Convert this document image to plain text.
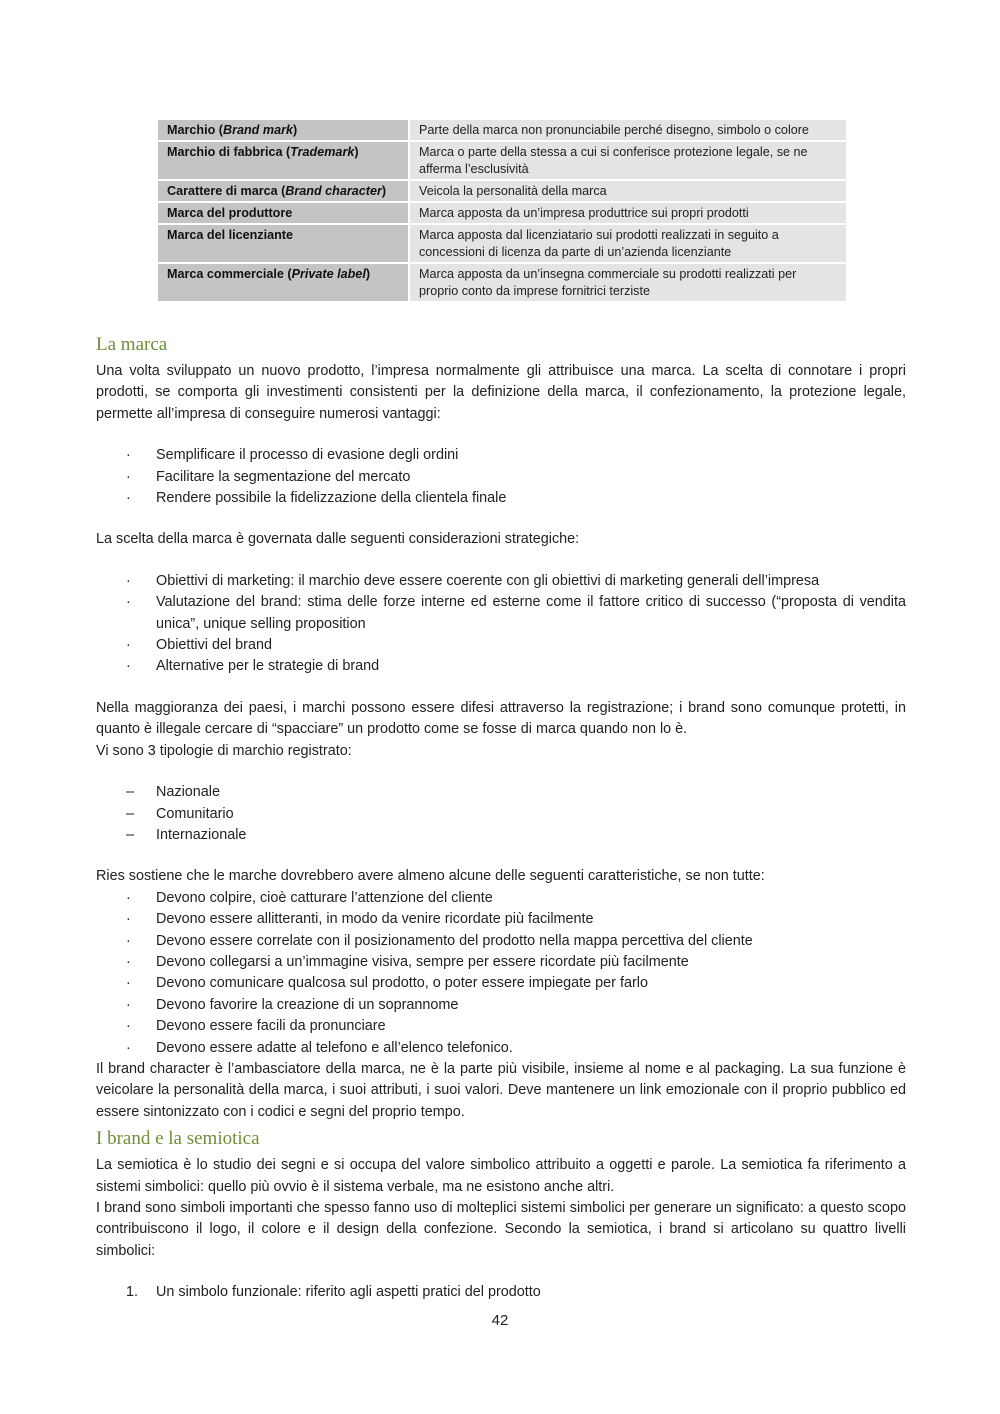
Marchio (Brand mark)	Parte della marca non pronunciabile perché disegno, simbolo o colore
Marchio di fabbrica (Trademark)	Marca o parte della stessa a cui si conferisce protezione legale, se ne afferma l’esclusività
Carattere di marca (Brand character)	Veicola la personalità della marca
Marca del produttore	Marca apposta da un’impresa produttrice sui propri prodotti
Marca del licenziante	Marca apposta dal licenziatario sui prodotti realizzati in seguito a concessioni di licenza da parte di un’azienda licenziante
Marca commerciale (Private label)	Marca apposta da un’insegna commerciale su prodotti realizzati per proprio conto da imprese fornitrici terziste
La marca

Una volta sviluppato un nuovo prodotto, l’impresa normalmente gli attribuisce una marca. La scelta di connotare i propri prodotti, se comporta gli investimenti consistenti per la definizione della marca, il confezionamento, la protezione legale, permette all’impresa di conseguire numerosi vantaggi:

·	Semplificare il processo di evasione degli ordini
·	Facilitare la segmentazione del mercato
·	Rendere possibile la fidelizzazione della clientela finale

La scelta della marca è governata dalle seguenti considerazioni strategiche:

·	Obiettivi di marketing: il marchio deve essere coerente con gli obiettivi di marketing generali dell’impresa
·	Valutazione del brand: stima delle forze interne ed esterne come il fattore critico di successo (“proposta di vendita unica”, unique selling proposition
·	Obiettivi del brand
·	Alternative per le strategie di brand

Nella maggioranza dei paesi, i marchi possono essere difesi attraverso la registrazione; i brand sono comunque protetti, in quanto è illegale cercare di “spacciare” un prodotto come se fosse di marca quando non lo è.

Vi sono 3 tipologie di marchio registrato:

–	Nazionale
–	Comunitario
–	Internazionale

Ries sostiene che le marche dovrebbero avere almeno alcune delle seguenti caratteristiche, se non tutte:

·	Devono colpire, cioè catturare l’attenzione del cliente
·	Devono essere allitteranti, in modo da venire ricordate più facilmente
·	Devono essere correlate con il posizionamento del prodotto nella mappa percettiva del cliente
·	Devono collegarsi a un’immagine visiva, sempre per essere ricordate più facilmente
·	Devono comunicare qualcosa sul prodotto, o poter essere impiegate per farlo
·	Devono favorire la creazione di un soprannome
·	Devono essere facili da pronunciare
·	Devono essere adatte al telefono e all’elenco telefonico.

Il brand character è l’ambasciatore della marca, ne è la parte più visibile, insieme al nome e al packaging. La sua funzione è veicolare la personalità della marca, i suoi attributi, i suoi valori. Deve mantenere un link emozionale con il proprio pubblico ed essere sintonizzato con i codici e segni del proprio tempo.

I brand e la semiotica

La semiotica è lo studio dei segni e si occupa del valore simbolico attribuito a oggetti e parole. La semiotica fa riferimento a sistemi simbolici: quello più ovvio è il sistema verbale, ma ne esistono anche altri.

I brand sono simboli importanti che spesso fanno uso di molteplici sistemi simbolici per generare un significato: a questo scopo contribuiscono il logo, il colore e il design della confezione. Secondo la semiotica, i brand si articolano su quattro livelli simbolici:

1.	Un simbolo funzionale: riferito agli aspetti pratici del prodotto
42
